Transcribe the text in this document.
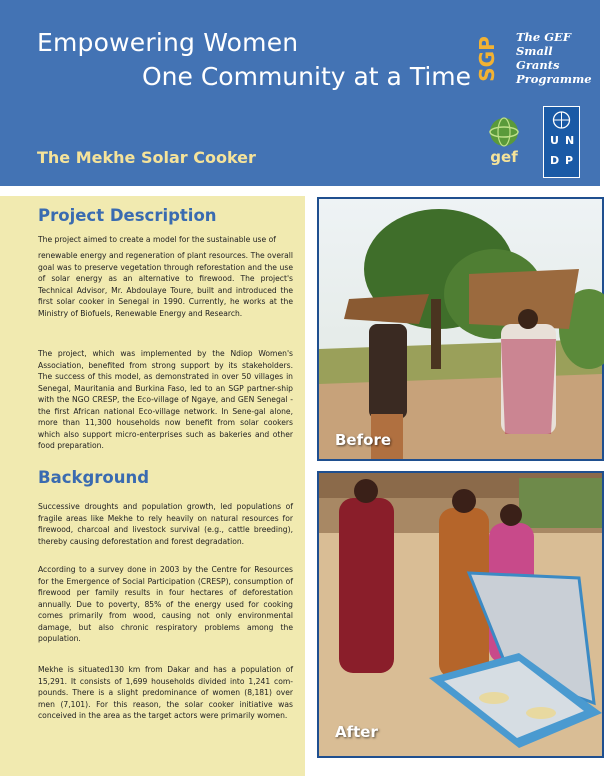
Empowering Women
One Community at a Time
The Mekhe Solar Cooker
SGP The GEF
Small Grants
Programme
gef
U N
D P
Project Description
The project aimed to create a model for the sustainable use of
renewable energy and regeneration of plant resources. The overall goal was to preserve vegetation through reforestation and the use of solar energy as an alternative to firewood. The project's Technical Advisor, Mr. Abdoulaye Toure, built and introduced the first solar cooker in Senegal in 1990. Currently, he works at the Ministry of Biofuels, Renewable Energy and Research.
The project, which was implemented by the Ndiop Women's Association, benefited from strong support by its stakeholders. The success of this model, as demonstrated in over 50 villages in Senegal, Mauritania and Burkina Faso, led to an SGP partner-ship with the NGO CRESP, the Eco-village of Ngaye, and GEN Senegal - the first African national Eco-village network. In Sene-gal alone, more than 11,300 households now benefit from solar cookers which also support micro-enterprises such as bakeries and other food preparation.
Background
Successive droughts and population growth, led populations of fragile areas like Mekhe to rely heavily on natural resources for firewood, charcoal and livestock survival (e.g., cattle breeding), thereby causing deforestation and forest degradation.
According to a survey done in 2003 by the Centre for Resources for the Emergence of Social Participation (CRESP), consumption of firewood per family results in four hectares of deforestation annually. Due to poverty, 85% of the energy used for cooking comes primarily from wood, causing not only environmental damage, but also chronic respiratory problems among the population.
Mekhe is situated130 km from Dakar and has a population of 15,291. It consists of 1,699 households divided into 1,241 com-pounds. There is a slight predominance of women (8,181) over men (7,101). For this reason, the solar cooker initiative was conceived in the area as the target actors were primarily women.
Before
After
